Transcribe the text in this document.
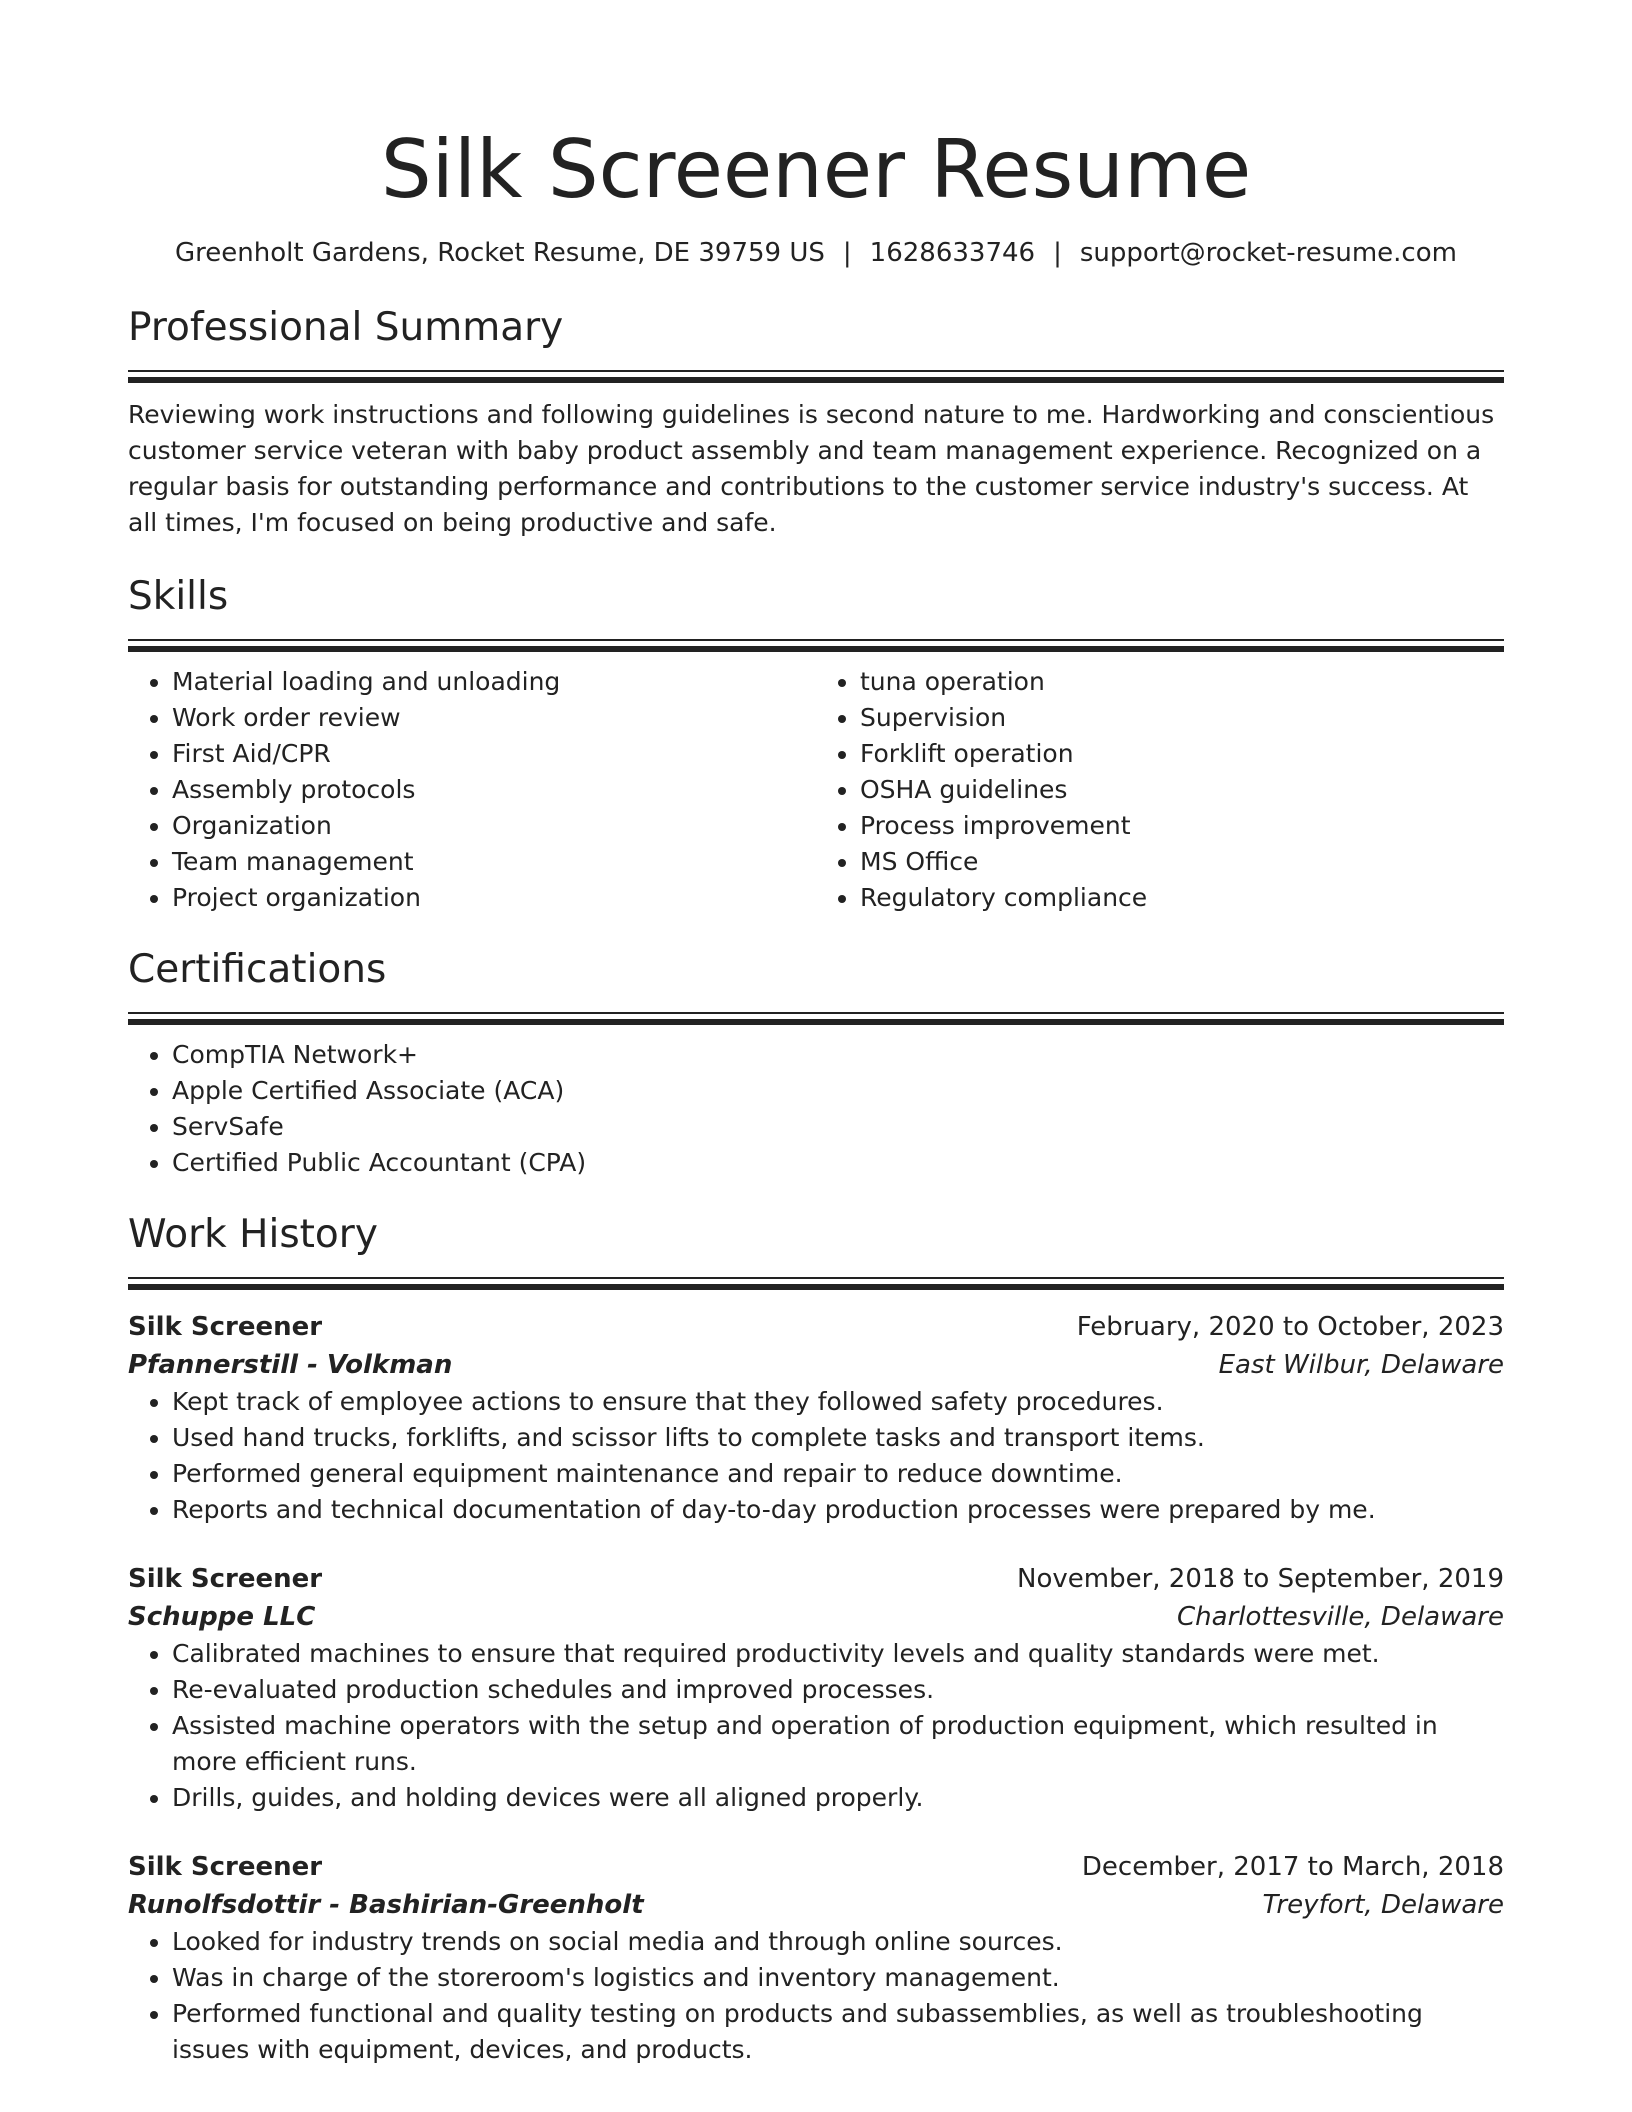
Silk Screener Resume
Greenholt Gardens, Rocket Resume, DE 39759 US | 1628633746 | support@rocket-resume.com
Professional Summary
Reviewing work instructions and following guidelines is second nature to me. Hardworking and conscientious customer service veteran with baby product assembly and team management experience. Recognized on a regular basis for outstanding performance and contributions to the customer service industry's success. At all times, I'm focused on being productive and safe.
Skills
• Material loading and unloading
• Work order review
• First Aid/CPR
• Assembly protocols
• Organization
• Team management
• Project organization
• tuna operation
• Supervision
• Forklift operation
• OSHA guidelines
• Process improvement
• MS Office
• Regulatory compliance
Certifications
• CompTIA Network+
• Apple Certified Associate (ACA)
• ServSafe
• Certified Public Accountant (CPA)
Work History
Silk Screener	February, 2020 to October, 2023
Pfannerstill - Volkman	East Wilbur, Delaware
• Kept track of employee actions to ensure that they followed safety procedures.
• Used hand trucks, forklifts, and scissor lifts to complete tasks and transport items.
• Performed general equipment maintenance and repair to reduce downtime.
• Reports and technical documentation of day-to-day production processes were prepared by me.
Silk Screener	November, 2018 to September, 2019
Schuppe LLC	Charlottesville, Delaware
• Calibrated machines to ensure that required productivity levels and quality standards were met.
• Re-evaluated production schedules and improved processes.
• Assisted machine operators with the setup and operation of production equipment, which resulted in more efficient runs.
• Drills, guides, and holding devices were all aligned properly.
Silk Screener	December, 2017 to March, 2018
Runolfsdottir - Bashirian-Greenholt	Treyfort, Delaware
• Looked for industry trends on social media and through online sources.
• Was in charge of the storeroom's logistics and inventory management.
• Performed functional and quality testing on products and subassemblies, as well as troubleshooting issues with equipment, devices, and products.
